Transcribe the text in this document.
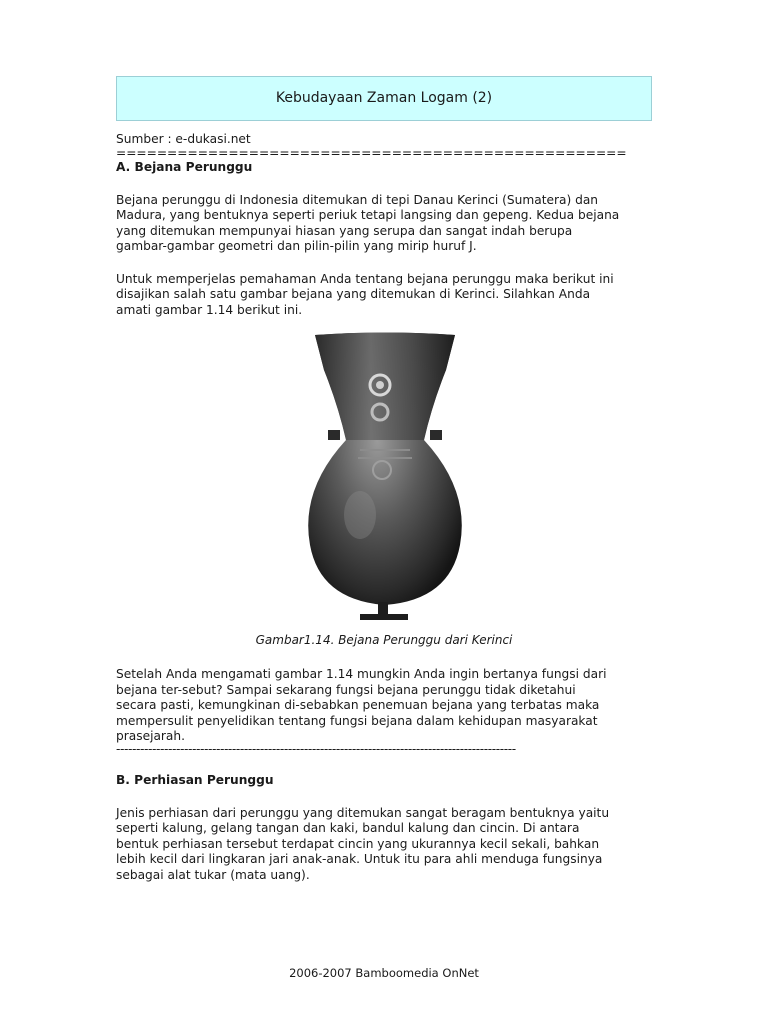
Kebudayaan Zaman Logam (2)
Sumber : e-dukasi.net
==================================================
A. Bejana Perunggu

Bejana perunggu di Indonesia ditemukan di tepi Danau Kerinci (Sumatera) dan
Madura, yang bentuknya seperti periuk tetapi langsing dan gepeng. Kedua bejana
yang ditemukan mempunyai hiasan yang serupa dan sangat indah berupa
gambar-gambar geometri dan pilin-pilin yang mirip huruf J.

Untuk memperjelas pemahaman Anda tentang bejana perunggu maka berikut ini
disajikan salah satu gambar bejana yang ditemukan di Kerinci. Silahkan Anda
amati gambar 1.14 berikut ini.

Gambar1.14. Bejana Perunggu dari Kerinci

Setelah Anda mengamati gambar 1.14 mungkin Anda ingin bertanya fungsi dari
bejana ter-sebut? Sampai sekarang fungsi bejana perunggu tidak diketahui
secara pasti, kemungkinan di-sebabkan penemuan bejana yang terbatas maka
mempersulit penyelidikan tentang fungsi bejana dalam kehidupan masyarakat
prasejarah.

----------------------------------------------------------------------------------------------------
B. Perhiasan Perunggu

Jenis perhiasan dari perunggu yang ditemukan sangat beragam bentuknya yaitu
seperti kalung, gelang tangan dan kaki, bandul kalung dan cincin. Di antara
bentuk perhiasan tersebut terdapat cincin yang ukurannya kecil sekali, bahkan
lebih kecil dari lingkaran jari anak-anak. Untuk itu para ahli menduga fungsinya
sebagai alat tukar (mata uang).

2006-2007 Bamboomedia OnNet
